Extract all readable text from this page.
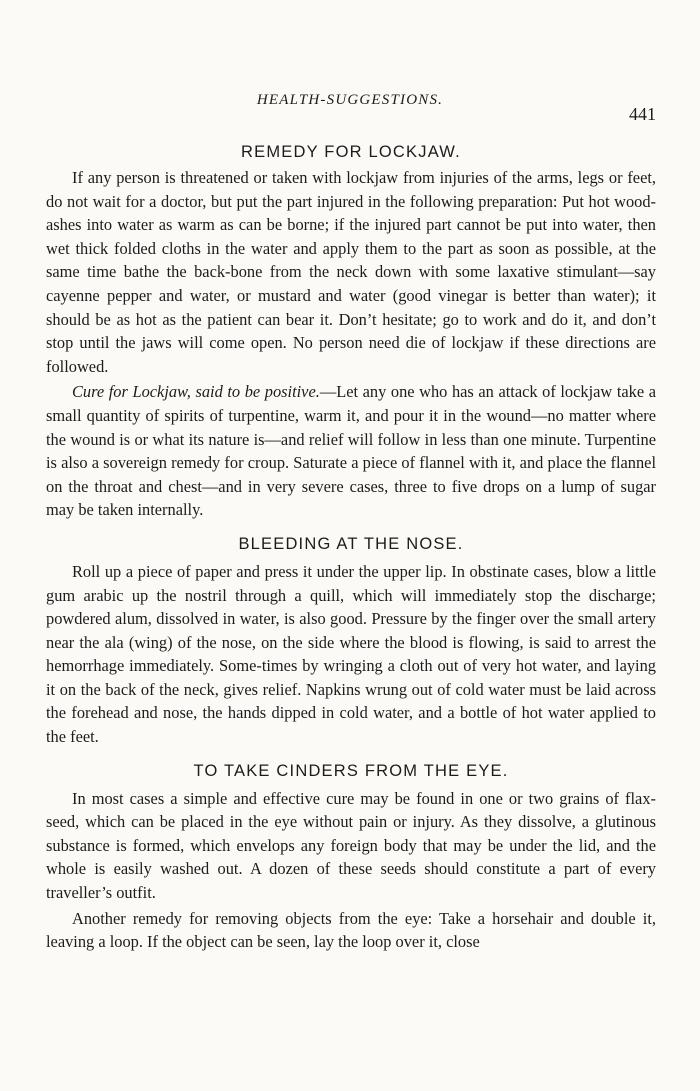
HEALTH-SUGGESTIONS.
441
REMEDY FOR LOCKJAW.

If any person is threatened or taken with lockjaw from injuries of the arms, legs or feet, do not wait for a doctor, but put the part injured in the following preparation: Put hot wood-ashes into water as warm as can be borne; if the injured part cannot be put into water, then wet thick folded cloths in the water and apply them to the part as soon as possible, at the same time bathe the back-bone from the neck down with some laxative stimulant—say cayenne pepper and water, or mustard and water (good vinegar is better than water); it should be as hot as the patient can bear it. Don’t hesitate; go to work and do it, and don’t stop until the jaws will come open. No person need die of lockjaw if these directions are followed.

Cure for Lockjaw, said to be positive.—Let any one who has an attack of lockjaw take a small quantity of spirits of turpentine, warm it, and pour it in the wound—no matter where the wound is or what its nature is—and relief will follow in less than one minute. Turpentine is also a sovereign remedy for croup. Saturate a piece of flannel with it, and place the flannel on the throat and chest—and in very severe cases, three to five drops on a lump of sugar may be taken internally.

BLEEDING AT THE NOSE.

Roll up a piece of paper and press it under the upper lip. In obstinate cases, blow a little gum arabic up the nostril through a quill, which will immediately stop the discharge; powdered alum, dissolved in water, is also good. Pressure by the finger over the small artery near the ala (wing) of the nose, on the side where the blood is flowing, is said to arrest the hemorrhage immediately. Some-times by wringing a cloth out of very hot water, and laying it on the back of the neck, gives relief. Napkins wrung out of cold water must be laid across the forehead and nose, the hands dipped in cold water, and a bottle of hot water applied to the feet.

TO TAKE CINDERS FROM THE EYE.

In most cases a simple and effective cure may be found in one or two grains of flax-seed, which can be placed in the eye without pain or injury. As they dissolve, a glutinous substance is formed, which envelops any foreign body that may be under the lid, and the whole is easily washed out. A dozen of these seeds should constitute a part of every traveller’s outfit.

Another remedy for removing objects from the eye: Take a horsehair and double it, leaving a loop. If the object can be seen, lay the loop over it, close
